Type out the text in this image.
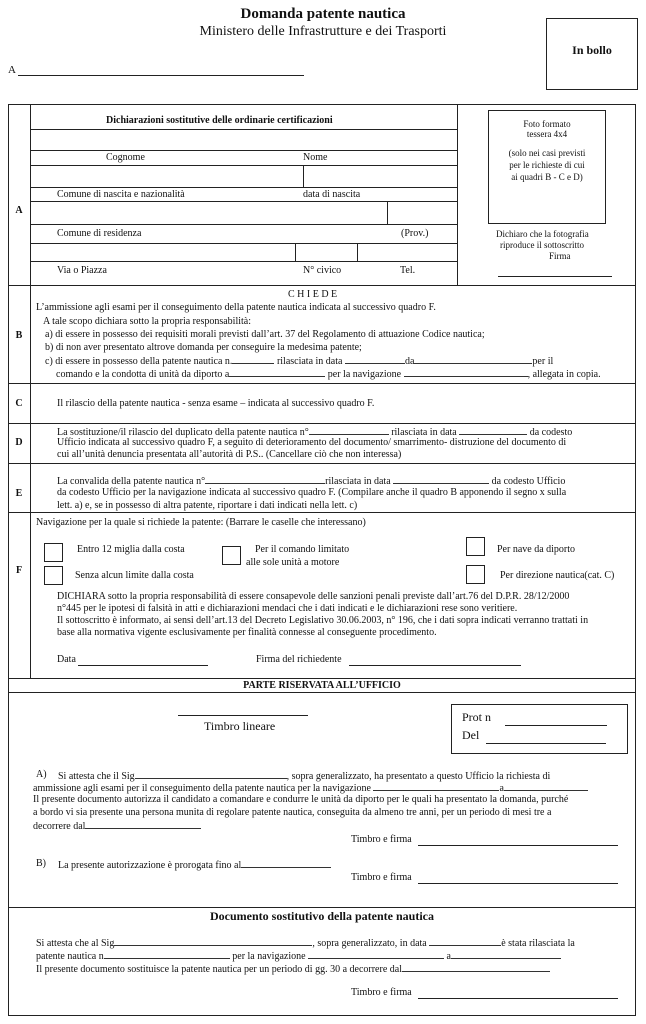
Domanda patente nautica
Ministero delle Infrastrutture e dei Trasporti
A
In bollo
A
Dichiarazioni sostitutive delle ordinarie certificazioni
Cognome	Nome
Comune di nascita e nazionalità	data di nascita
Comune di residenza	(Prov.)
Via o Piazza	N° civico	Tel.
Foto formato
tessera 4x4
(solo nei casi previsti
per le richieste di cui
ai quadri B - C e D)
Dichiaro che la fotografia
riproduce il sottoscritto
Firma
B
C H I E D E
L’ammissione agli esami per il conseguimento della patente nautica indicata al successivo quadro F.
A tale scopo dichiara sotto la propria responsabilità:
a) di essere in possesso dei requisiti morali previsti dall’art. 37 del Regolamento di attuazione Codice nautica;
b) di non aver presentato altrove domanda per conseguire la medesima patente;
c) di essere in possesso della patente nautica n.	rilasciata in data	da	per il
comando e la condotta di unità da diporto a	per la navigazione	, allegata in copia.
C	Il rilascio della patente nautica - senza esame – indicata al successivo quadro F.
D
La sostituzione/il rilascio del duplicato della patente nautica n°	rilasciata in data	da codesto
Ufficio indicata al successivo quadro F, a seguito di deterioramento del documento/ smarrimento- distruzione del documento di
cui all’unità denuncia presentata all’autorità di P.S.. (Cancellare ciò che non interessa)
E
La convalida della patente nautica n°	rilasciata in data	da codesto Ufficio
da codesto Ufficio per la navigazione indicata al successivo quadro F. (Compilare anche il quadro B apponendo il segno x sulla
lett. a) e, se in possesso di altra patente, riportare i dati indicati nella lett. c)
F
Navigazione per la quale si richiede la patente: (Barrare le caselle che interessano)
Entro 12 miglia dalla costa	Per il comando limitato
alle sole unità a motore
Per nave da diporto
Senza alcun limite dalla costa	Per direzione nautica(cat. C)
DICHIARA sotto la propria responsabilità di essere consapevole delle sanzioni penali previste dall’art.76 del D.P.R. 28/12/2000
n°445 per le ipotesi di falsità in atti e dichiarazioni mendaci che i dati indicati e le dichiarazioni rese sono veritiere.
Il sottoscritto è informato, ai sensi dell’art.13 del Decreto Legislativo 30.06.2003, n° 196, che i dati sopra indicati verranno trattati in
base alla normativa vigente esclusivamente per finalità connesse al conseguente procedimento.
Data	Firma del richiedente
PARTE RISERVATA ALL’UFFICIO
Timbro lineare
Prot n
Del
A) Si attesta che il Sig	, sopra generalizzato, ha presentato a questo Ufficio la richiesta di
ammissione agli esami per il conseguimento della patente nautica per la navigazione	a
Il presente documento autorizza il candidato a comandare e condurre le unità da diporto per le quali ha presentato la domanda, purché
a bordo vi sia presente una persona munita di regolare patente nautica, conseguita da almeno tre anni, per un periodo di mesi tre a
decorrere dal
Timbro e firma
B) La presente autorizzazione è prorogata fino al
Timbro e firma
Documento sostitutivo della patente nautica
Si attesta che al Sig	, sopra generalizzato, in data	è stata rilasciata la
patente nautica n	per la navigazione	a
Il presente documento sostituisce la patente nautica per un periodo di gg. 30 a decorrere dal
Timbro e firma
